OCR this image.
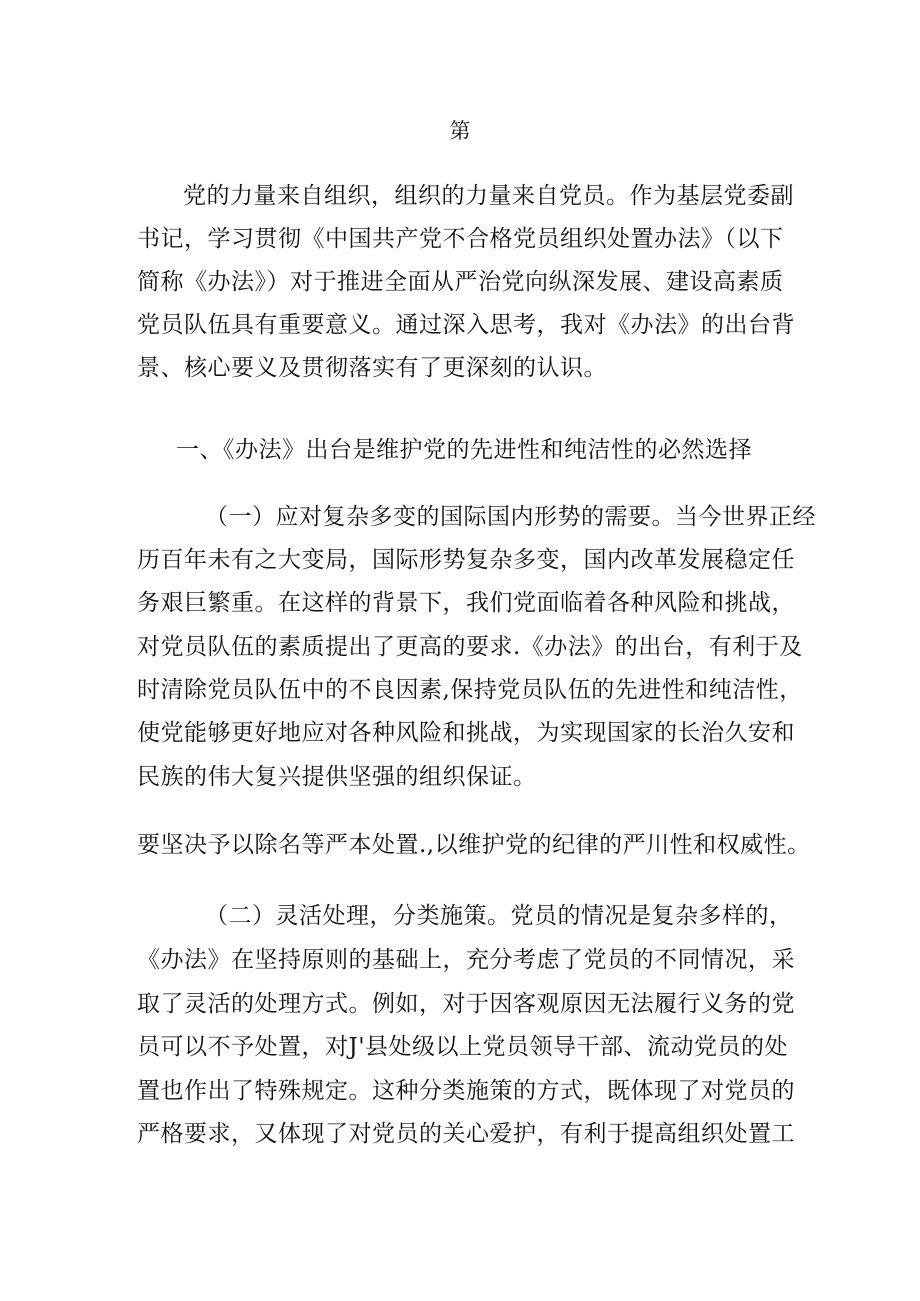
第
党的力量来自组织，组织的力量来自党员。作为基层党委副
书记，学习贯彻《中国共产党不合格党员组织处置办法》（以下
简称《办法》）对于推进全面从严治党向纵深发展、建设高素质
党员队伍具有重要意义。通过深入思考，我对《办法》的出台背
景、核心要义及贯彻落实有了更深刻的认识。
一、《办法》出台是维护党的先进性和纯洁性的必然选择
（一）应对复杂多变的国际国内形势的需要。当今世界正经
历百年未有之大变局，国际形势复杂多变，国内改革发展稳定任
务艰巨繁重。在这样的背景下，我们党面临着各种风险和挑战，
对党员队伍的素质提出了更高的要求.《办法》的出台，有利于及
时清除党员队伍中的不良因素,保持党员队伍的先进性和纯洁性，
使党能够更好地应对各种风险和挑战，为实现国家的长治久安和
民族的伟大复兴提供坚强的组织保证。
要坚决予以除名等严本处置.,以维护党的纪律的严川性和权威性。
（二）灵活处理，分类施策。党员的情况是复杂多样的，
《办法》在坚持原则的基础上，充分考虑了党员的不同情况，采
取了灵活的处理方式。例如，对于因客观原因无法履行义务的党
员可以不予处置，对J'县处级以上党员领导干部、流动党员的处
置也作出了特殊规定。这种分类施策的方式，既体现了对党员的
严格要求，又体现了对党员的关心爱护，有利于提高组织处置工
